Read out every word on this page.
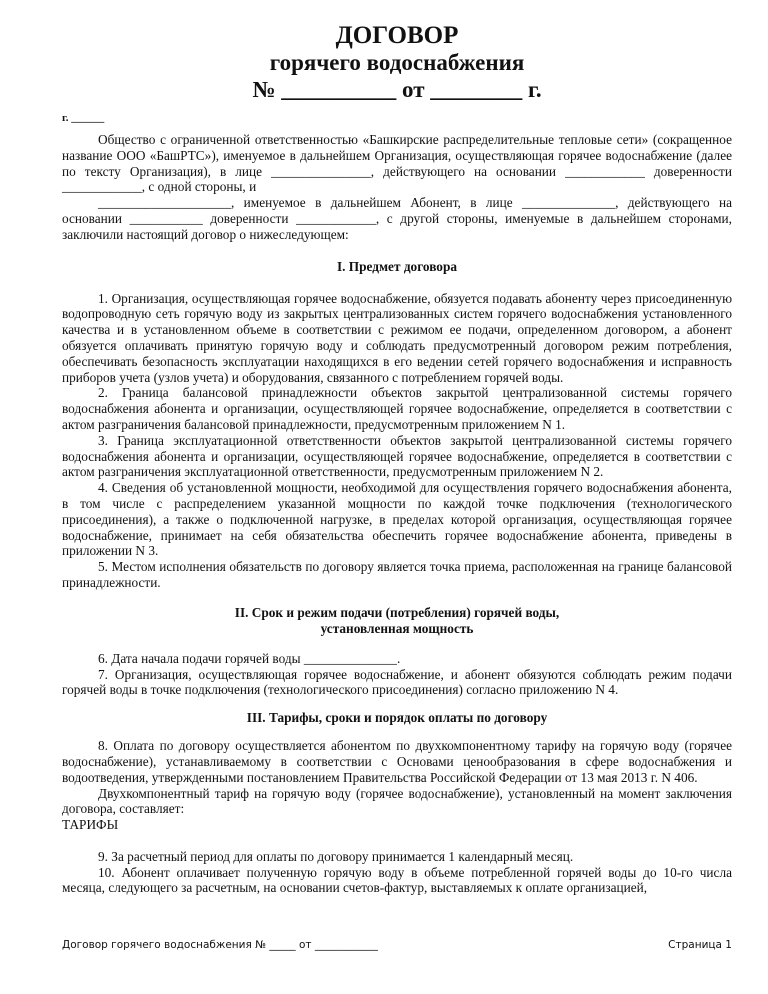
ДОГОВОР
горячего водоснабжения
№ __________ от ________ г.
г. ______

Общество с ограниченной ответственностью «Башкирские распределительные тепловые сети» (сокращенное название ООО «БашРТС»), именуемое в дальнейшем Организация, осуществляющая горячее водоснабжение (далее по тексту Организация), в лице _______________, действующего на основании ____________ доверенности ____________, с одной стороны, и

____________________, именуемое в дальнейшем Абонент, в лице ______________, действующего на основании ___________ доверенности ____________, с другой стороны, именуемые в дальнейшем сторонами, заключили настоящий договор о нижеследующем:

I. Предмет договора

1. Организация, осуществляющая горячее водоснабжение, обязуется подавать абоненту через присоединенную водопроводную сеть горячую воду из закрытых централизованных систем горячего водоснабжения установленного качества и в установленном объеме в соответствии с режимом ее подачи, определенном договором, а абонент обязуется оплачивать принятую горячую воду и соблюдать предусмотренный договором режим потребления, обеспечивать безопасность эксплуатации находящихся в его ведении сетей горячего водоснабжения и исправность приборов учета (узлов учета) и оборудования, связанного с потреблением горячей воды.

2. Граница балансовой принадлежности объектов закрытой централизованной системы горячего водоснабжения абонента и организации, осуществляющей горячее водоснабжение, определяется в соответствии с актом разграничения балансовой принадлежности, предусмотренным приложением N 1.

3. Граница эксплуатационной ответственности объектов закрытой централизованной системы горячего водоснабжения абонента и организации, осуществляющей горячее водоснабжение, определяется в соответствии с актом разграничения эксплуатационной ответственности, предусмотренным приложением N 2.

4. Сведения об установленной мощности, необходимой для осуществления горячего водоснабжения абонента, в том числе с распределением указанной мощности по каждой точке подключения (технологического присоединения), а также о подключенной нагрузке, в пределах которой организация, осуществляющая горячее водоснабжение, принимает на себя обязательства обеспечить горячее водоснабжение абонента, приведены в приложении N 3.

5. Местом исполнения обязательств по договору является точка приема, расположенная на границе балансовой принадлежности.

II. Срок и режим подачи (потребления) горячей воды,
установленная мощность

6. Дата начала подачи горячей воды ______________.

7. Организация, осуществляющая горячее водоснабжение, и абонент обязуются соблюдать режим подачи горячей воды в точке подключения (технологического присоединения) согласно приложению N 4.

III. Тарифы, сроки и порядок оплаты по договору

8. Оплата по договору осуществляется абонентом по двухкомпонентному тарифу на горячую воду (горячее водоснабжение), устанавливаемому в соответствии с Основами ценообразования в сфере водоснабжения и водоотведения, утвержденными постановлением Правительства Российской Федерации от 13 мая 2013 г. N 406.

Двухкомпонентный тариф на горячую воду (горячее водоснабжение), установленный на момент заключения договора, составляет:

ТАРИФЫ

9. За расчетный период для оплаты по договору принимается 1 календарный месяц.

10. Абонент оплачивает полученную горячую воду в объеме потребленной горячей воды до 10-го числа месяца, следующего за расчетным, на основании счетов-фактур, выставляемых к оплате организацией,

Договор горячего водоснабжения № _____ от ____________	Страница 1
